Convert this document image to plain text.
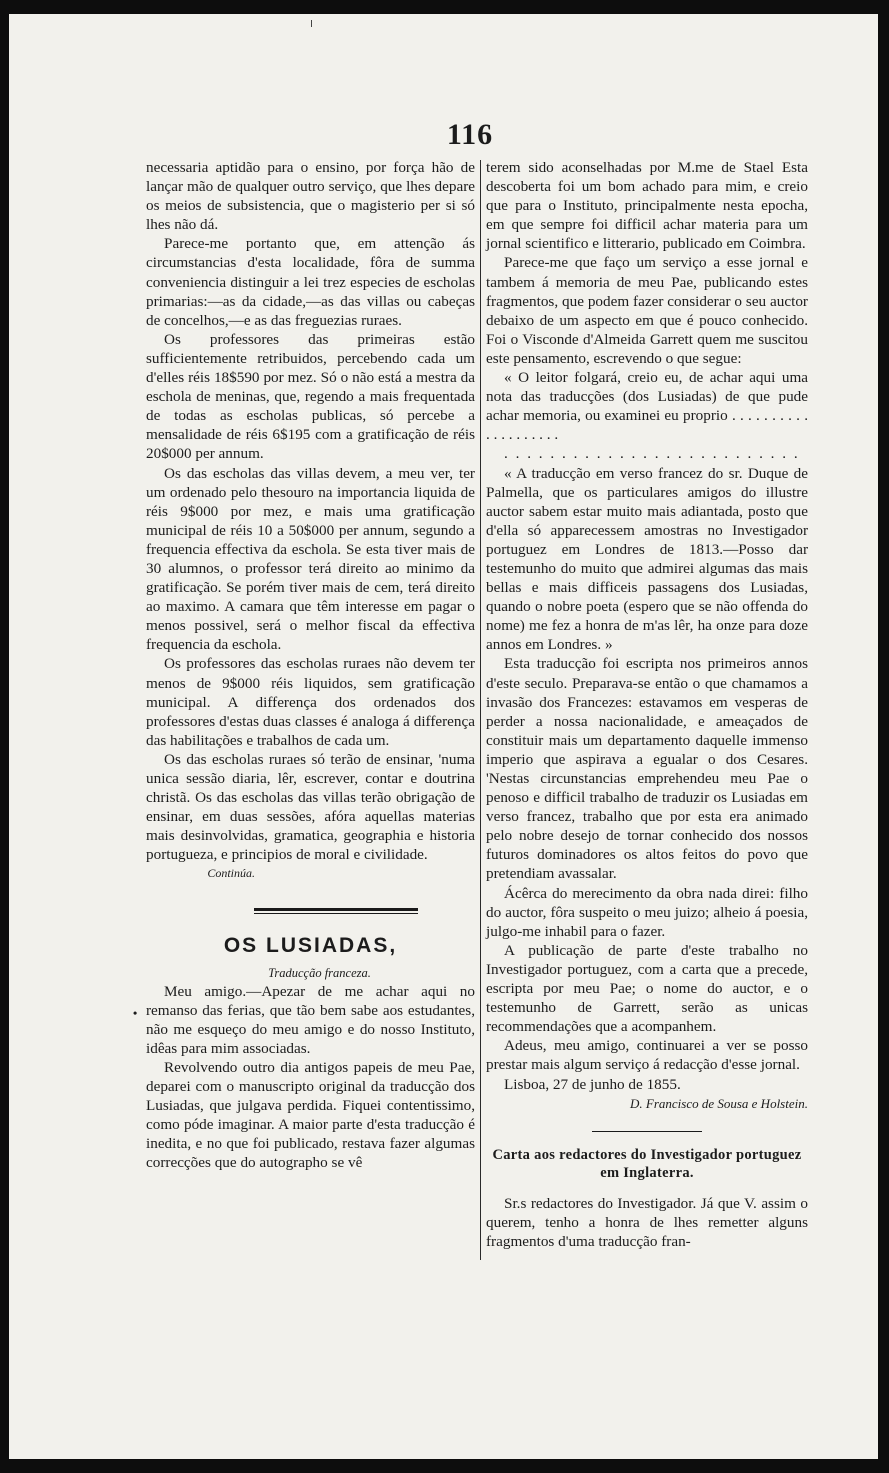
116
•

necessaria aptidão para o ensino, por força hão de lançar mão de qualquer outro serviço, que lhes depare os meios de subsistencia, que o magisterio per si só lhes não dá.

Parece-me portanto que, em attenção ás circumstancias d'esta localidade, fôra de summa conveniencia distinguir a lei trez especies de escholas primarias:—as da cidade,—as das villas ou cabeças de concelhos,—e as das freguezias ruraes.

Os professores das primeiras estão sufficientemente retribuidos, percebendo cada um d'elles réis 18$590 por mez. Só o não está a mestra da eschola de meninas, que, regendo a mais frequentada de todas as escholas publicas, só percebe a mensalidade de réis 6$195 com a gratificação de réis 20$000 per annum.

Os das escholas das villas devem, a meu ver, ter um ordenado pelo thesouro na importancia liquida de réis 9$000 por mez, e mais uma gratificação municipal de réis 10 a 50$000 per annum, segundo a frequencia effectiva da eschola. Se esta tiver mais de 30 alumnos, o professor terá direito ao minimo da gratificação. Se porém tiver mais de cem, terá direito ao maximo. A camara que têm interesse em pagar o menos possivel, será o melhor fiscal da effectiva frequencia da eschola.

Os professores das escholas ruraes não devem ter menos de 9$000 réis liquidos, sem gratificação municipal. A differença dos ordenados dos professores d'estas duas classes é analoga á differença das habilitações e trabalhos de cada um.

Os das escholas ruraes só terão de ensinar, 'numa unica sessão diaria, lêr, escrever, contar e doutrina christã. Os das escholas das villas terão obrigação de ensinar, em duas sessões, afóra aquellas materias mais desinvolvidas, gramatica, geographia e historia portugueza, e principios de moral e civilidade.

Continúa.

OS LUSIADAS,

Traducção franceza.

Meu amigo.—Apezar de me achar aqui no remanso das ferias, que tão bem sabe aos estudantes, não me esqueço do meu amigo e do nosso Instituto, idêas para mim associadas.

Revolvendo outro dia antigos papeis de meu Pae, deparei com o manuscripto original da traducção dos Lusiadas, que julgava perdida. Fiquei contentissimo, como póde imaginar. A maior parte d'esta traducção é inedita, e no que foi publicado, restava fazer algumas correcções que do autographo se vê

terem sido aconselhadas por M.me de Stael Esta descoberta foi um bom achado para mim, e creio que para o Instituto, principalmente nesta epocha, em que sempre foi difficil achar materia para um jornal scientifico e litterario, publicado em Coimbra.

Parece-me que faço um serviço a esse jornal e tambem á memoria de meu Pae, publicando estes fragmentos, que podem fazer considerar o seu auctor debaixo de um aspecto em que é pouco conhecido. Foi o Visconde d'Almeida Garrett quem me suscitou este pensamento, escrevendo o que segue:

« O leitor folgará, creio eu, de achar aqui uma nota das traducções (dos Lusiadas) de que pude achar memoria, ou examinei eu proprio . . . . . . . . . . . . . . . . . . . .

. . . . . . . . . . . . . . . . . . . . . . . . . .

« A traducção em verso francez do sr. Duque de Palmella, que os particulares amigos do illustre auctor sabem estar muito mais adiantada, posto que d'ella só apparecessem amostras no Investigador portuguez em Londres de 1813.—Posso dar testemunho do muito que admirei algumas das mais bellas e mais difficeis passagens dos Lusiadas, quando o nobre poeta (espero que se não offenda do nome) me fez a honra de m'as lêr, ha onze para doze annos em Londres. »

Esta traducção foi escripta nos primeiros annos d'este seculo. Preparava-se então o que chamamos a invasão dos Francezes: estavamos em vesperas de perder a nossa nacionalidade, e ameaçados de constituir mais um departamento daquelle immenso imperio que aspirava a egualar o dos Cesares. 'Nestas circunstancias emprehendeu meu Pae o penoso e difficil trabalho de traduzir os Lusiadas em verso francez, trabalho que por esta era animado pelo nobre desejo de tornar conhecido dos nossos futuros dominadores os altos feitos do povo que pretendiam avassalar.

Ácêrca do merecimento da obra nada direi: filho do auctor, fôra suspeito o meu juizo; alheio á poesia, julgo-me inhabil para o fazer.

A publicação de parte d'este trabalho no Investigador portuguez, com a carta que a precede, escripta por meu Pae; o nome do auctor, e o testemunho de Garrett, serão as unicas recommendações que a acompanhem.

Adeus, meu amigo, continuarei a ver se posso prestar mais algum serviço á redacção d'esse jornal.

Lisboa, 27 de junho de 1855.

D. Francisco de Sousa e Holstein.

Carta aos redactores do Investigador portuguez em Inglaterra.

Sr.s redactores do Investigador. Já que V. assim o querem, tenho a honra de lhes remetter alguns fragmentos d'uma traducção fran-
